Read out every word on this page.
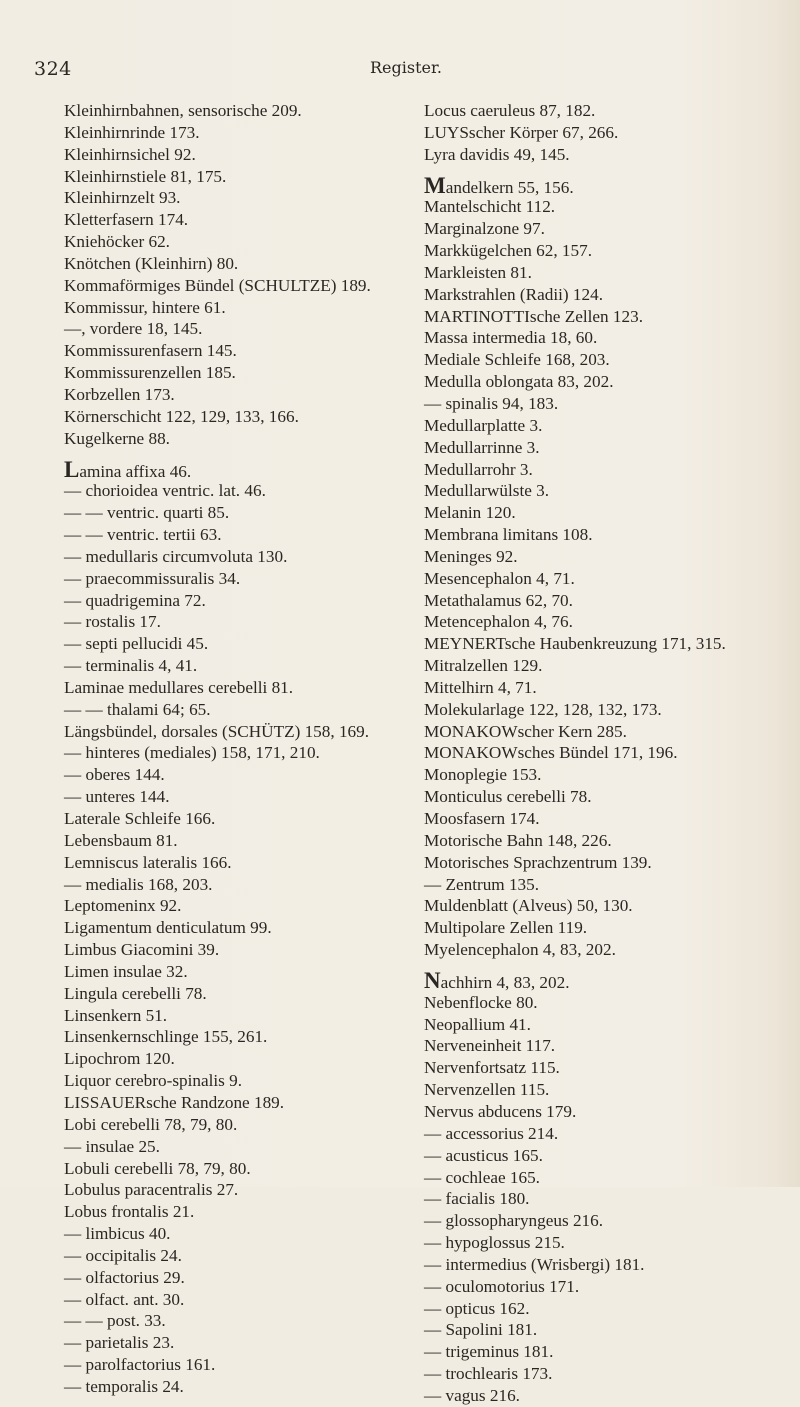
324	Register.
Kleinhirnbahnen, sensorische 209.
Kleinhirnrinde 173.
Kleinhirnsichel 92.
Kleinhirnstiele 81, 175.
Kleinhirnzelt 93.
Kletterfasern 174.
Kniehöcker 62.
Knötchen (Kleinhirn) 80.
Kommaförmiges Bündel (SCHULTZE) 189.
Kommissur, hintere 61.
—, vordere 18, 145.
Kommissurenfasern 145.
Kommissurenzellen 185.
Korbzellen 173.
Körnerschicht 122, 129, 133, 166.
Kugelkerne 88.
Lamina affixa 46.
— chorioidea ventric. lat. 46.
— — ventric. quarti 85.
— — ventric. tertii 63.
— medullaris circumvoluta 130.
— praecommissuralis 34.
— quadrigemina 72.
— rostalis 17.
— septi pellucidi 45.
— terminalis 4, 41.
Laminae medullares cerebelli 81.
— — thalami 64; 65.
Längsbündel, dorsales (SCHÜTZ) 158, 169.
— hinteres (mediales) 158, 171, 210.
— oberes 144.
— unteres 144.
Laterale Schleife 166.
Lebensbaum 81.
Lemniscus lateralis 166.
— medialis 168, 203.
Leptomeninx 92.
Ligamentum denticulatum 99.
Limbus Giacomini 39.
Limen insulae 32.
Lingula cerebelli 78.
Linsenkern 51.
Linsenkernschlinge 155, 261.
Lipochrom 120.
Liquor cerebro-spinalis 9.
LISSAUERsche Randzone 189.
Lobi cerebelli 78, 79, 80.
— insulae 25.
Lobuli cerebelli 78, 79, 80.
Lobulus paracentralis 27.
Lobus frontalis 21.
— limbicus 40.
— occipitalis 24.
— olfactorius 29.
— olfact. ant. 30.
— — post. 33.
— parietalis 23.
— parolfactorius 161.
— temporalis 24.
Locus caeruleus 87, 182.
LUYSscher Körper 67, 266.
Lyra davidis 49, 145.
Mandelkern 55, 156.
Mantelschicht 112.
Marginalzone 97.
Markkügelchen 62, 157.
Markleisten 81.
Markstrahlen (Radii) 124.
MARTINOTTIsche Zellen 123.
Massa intermedia 18, 60.
Mediale Schleife 168, 203.
Medulla oblongata 83, 202.
— spinalis 94, 183.
Medullarplatte 3.
Medullarrinne 3.
Medullarrohr 3.
Medullarwülste 3.
Melanin 120.
Membrana limitans 108.
Meninges 92.
Mesencephalon 4, 71.
Metathalamus 62, 70.
Metencephalon 4, 76.
MEYNERTsche Haubenkreuzung 171, 315.
Mitralzellen 129.
Mittelhirn 4, 71.
Molekularlage 122, 128, 132, 173.
MONAKOWscher Kern 285.
MONAKOWsches Bündel 171, 196.
Monoplegie 153.
Monticulus cerebelli 78.
Moosfasern 174.
Motorische Bahn 148, 226.
Motorisches Sprachzentrum 139.
— Zentrum 135.
Muldenblatt (Alveus) 50, 130.
Multipolare Zellen 119.
Myelencephalon 4, 83, 202.
Nachhirn 4, 83, 202.
Nebenflocke 80.
Neopallium 41.
Nerveneinheit 117.
Nervenfortsatz 115.
Nervenzellen 115.
Nervus abducens 179.
— accessorius 214.
— acusticus 165.
— cochleae 165.
— facialis 180.
— glossopharyngeus 216.
— hypoglossus 215.
— intermedius (Wrisbergi) 181.
— oculomotorius 171.
— opticus 162.
— Sapolini 181.
— trigeminus 181.
— trochlearis 173.
— vagus 216.
